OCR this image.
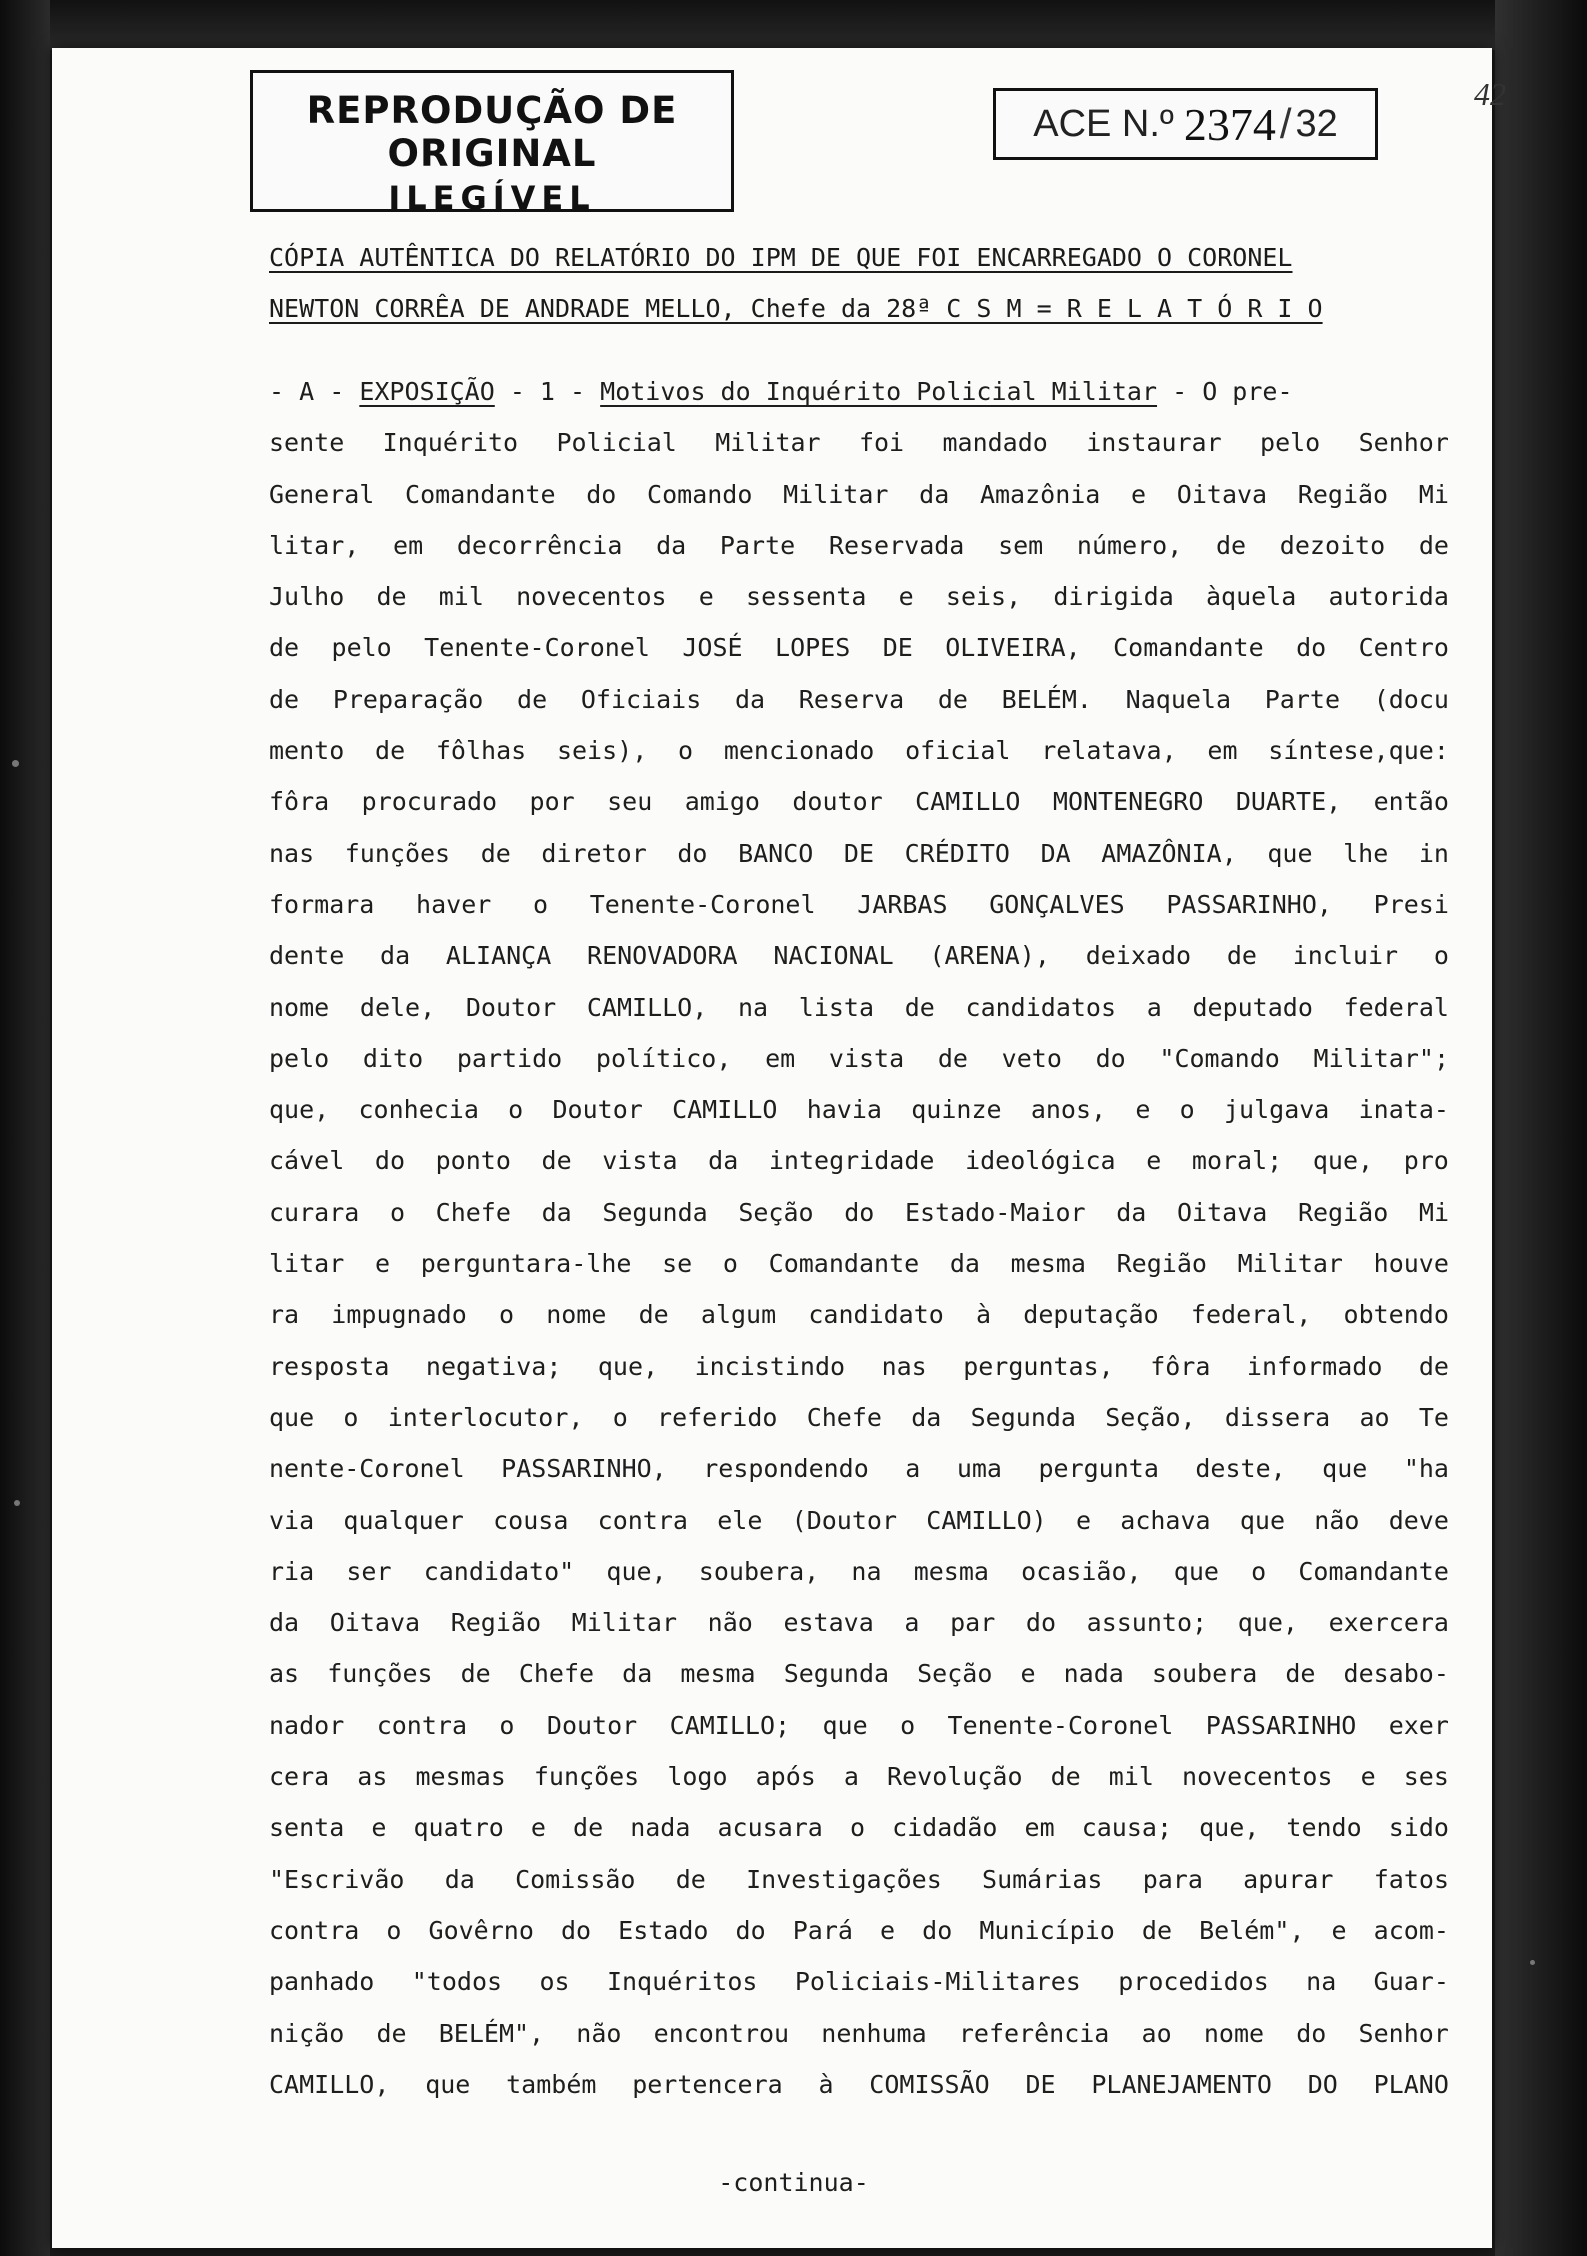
REPRODUÇÃO DE ORIGINAL
ILEGÍVEL
ACE N.º 2374 / 32
42
CÓPIA AUTÊNTICA DO RELATÓRIO DO IPM DE QUE FOI ENCARREGADO O CORONEL
NEWTON CORRÊA DE ANDRADE MELLO, Chefe da 28ª C S M = R E L A T Ó R I O
- A - EXPOSIÇÃO - 1 - Motivos do Inquérito Policial Militar - O pre-
sente Inquérito Policial Militar foi mandado instaurar pelo Senhor
General Comandante do Comando Militar da Amazônia e Oitava Região Mi
litar, em decorrência da Parte Reservada sem número, de dezoito de
Julho de mil novecentos e sessenta e seis, dirigida àquela autorida
de pelo Tenente-Coronel JOSÉ LOPES DE OLIVEIRA, Comandante do Centro
de Preparação de Oficiais da Reserva de BELÉM. Naquela Parte (docu
mento de fôlhas seis), o mencionado oficial relatava, em síntese,que:
fôra procurado por seu amigo doutor CAMILLO MONTENEGRO DUARTE, então
nas funções de diretor do BANCO DE CRÉDITO DA AMAZÔNIA, que lhe in
formara haver o Tenente-Coronel JARBAS GONÇALVES PASSARINHO, Presi
dente da ALIANÇA RENOVADORA NACIONAL (ARENA), deixado de incluir o
nome dele, Doutor CAMILLO, na lista de candidatos a deputado federal
pelo dito partido político, em vista de veto do "Comando Militar";
que, conhecia o Doutor CAMILLO havia quinze anos, e o julgava inata-
cável do ponto de vista da integridade ideológica e moral; que, pro
curara o Chefe da Segunda Seção do Estado-Maior da Oitava Região Mi
litar e perguntara-lhe se o Comandante da mesma Região Militar houve
ra impugnado o nome de algum candidato à deputação federal, obtendo
resposta negativa; que, incistindo nas perguntas, fôra informado de
que o interlocutor, o referido Chefe da Segunda Seção, dissera ao Te
nente-Coronel PASSARINHO, respondendo a uma pergunta deste, que "ha
via qualquer cousa contra ele (Doutor CAMILLO) e achava que não deve
ria ser candidato" que, soubera, na mesma ocasião, que o Comandante
da Oitava Região Militar não estava a par do assunto; que, exercera
as funções de Chefe da mesma Segunda Seção e nada soubera de desabo-
nador contra o Doutor CAMILLO; que o Tenente-Coronel PASSARINHO exer
cera as mesmas funções logo após a Revolução de mil novecentos e ses
senta e quatro e de nada acusara o cidadão em causa; que, tendo sido
"Escrivão da Comissão de Investigações Sumárias para apurar fatos
contra o Govêrno do Estado do Pará e do Município de Belém", e acom-
panhado "todos os Inquéritos Policiais-Militares procedidos na Guar-
nição de BELÉM", não encontrou nenhuma referência ao nome do Senhor
CAMILLO, que também pertencera à COMISSÃO DE PLANEJAMENTO DO PLANO
-continua-
